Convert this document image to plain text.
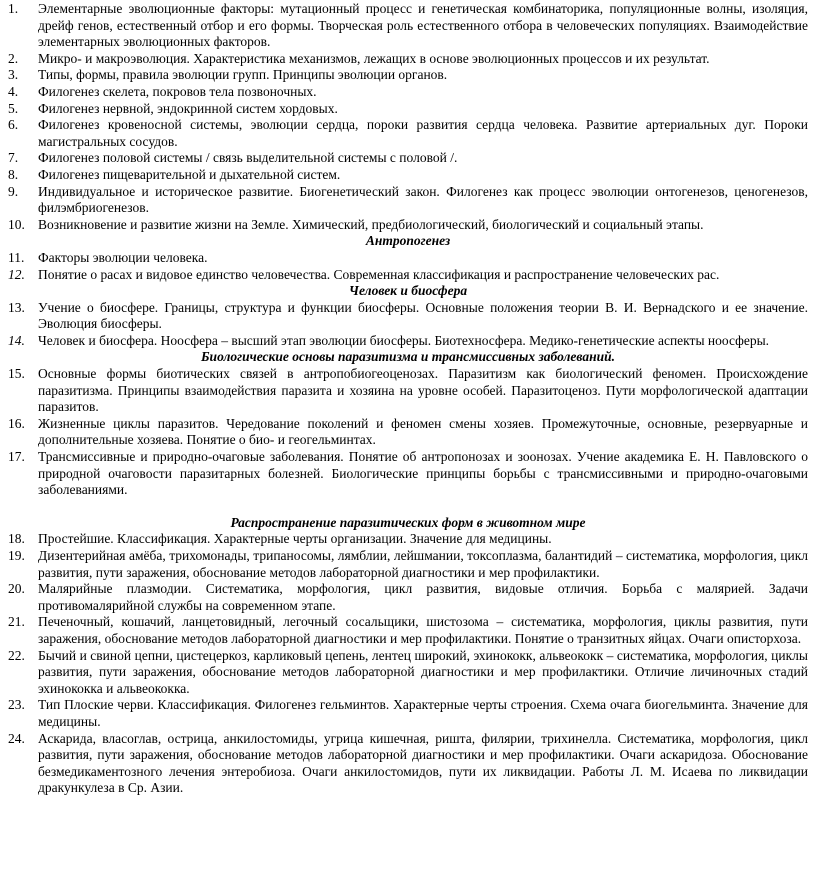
1.	Элементарные эволюционные факторы: мутационный процесс и генетическая комбинаторика, популяционные волны, изоляция, дрейф генов, естественный отбор и его формы. Творческая роль естественного отбора в человеческих популяциях. Взаимодействие элементарных эволюционных факторов.
2.	Микро- и макроэволюция. Характеристика механизмов, лежащих в основе эволюционных процессов и их результат.
3.	Типы, формы, правила эволюции групп. Принципы эволюции органов.
4.	Филогенез скелета, покровов тела позвоночных.
5.	Филогенез нервной, эндокринной систем хордовых.
6.	Филогенез кровеносной системы, эволюции сердца, пороки развития сердца человека. Развитие артериальных дуг. Пороки магистральных сосудов.
7.	Филогенез половой системы / связь выделительной системы с половой /.
8.	Филогенез пищеварительной и дыхательной систем.
9.	Индивидуальное и историческое развитие. Биогенетический закон. Филогенез как процесс эволюции онтогенезов, ценогенезов, филэмбриогенезов.
10. Возникновение и развитие жизни на Земле. Химический, предбиологический, биологический и социальный этапы.
Антропогенез
11.	Факторы эволюции человека.
12. Понятие о расах и видовое единство человечества. Современная классификация и распространение человеческих рас.
Человек и биосфера
13. Учение о биосфере. Границы, структура и функции биосферы. Основные положения теории В. И. Вернадского и ее значение. Эволюция биосферы.
14. Человек и биосфера. Ноосфера – высший этап эволюции биосферы. Биотехносфера. Медико-генетические аспекты ноосферы.
Биологические основы паразитизма и трансмиссивных заболеваний.
15. Основные формы биотических связей в антропобиогеоценозах. Паразитизм как биологический феномен. Происхождение паразитизма. Принципы взаимодействия паразита и хозяина на уровне особей. Паразитоценоз. Пути морфологической адаптации паразитов.
16. Жизненные циклы паразитов. Чередование поколений и феномен смены хозяев. Промежуточные, основные, резервуарные и дополнительные хозяева. Понятие о био- и геогельминтах.
17. Трансмиссивные и природно-очаговые заболевания. Понятие об антропонозах и зоонозах. Учение академика Е. Н. Павловского о природной очаговости паразитарных болезней. Биологические принципы борьбы с трансмиссивными и природно-очаговыми заболеваниями.
Распространение паразитических форм в животном мире
18. Простейшие. Классификация. Характерные черты организации. Значение для медицины.
19. Дизентерийная амёба, трихомонады, трипаносомы, лямблии, лейшмании, токсоплазма, балантидий – систематика, морфология, цикл развития, пути заражения, обоснование методов лабораторной диагностики и мер профилактики.
20. Малярийные плазмодии. Систематика, морфология, цикл развития, видовые отличия. Борьба с малярией. Задачи противомалярийной службы на современном этапе.
21. Печеночный, кошачий, ланцетовидный, легочный сосальщики, шистозома – систематика, морфология, циклы развития, пути заражения, обоснование методов лабораторной диагностики и мер профилактики. Понятие о транзитных яйцах. Очаги описторхоза.
22. Бычий и свиной цепни, цистецеркоз, карликовый цепень, лентец широкий, эхинококк, альвеококк – систематика, морфология, циклы развития, пути заражения, обоснование методов лабораторной диагностики и мер профилактики. Отличие личиночных стадий эхинококка и альвеококка.
23. Тип Плоские черви. Классификация. Филогенез гельминтов. Характерные черты строения. Схема очага биогельминта. Значение для медицины.
24. Аскарида, власоглав, острица, анкилостомиды, угрица кишечная, ришта, филярии, трихинелла. Систематика, морфология, цикл развития, пути заражения, обоснование методов лабораторной диагностики и мер профилактики. Очаги аскаридоза. Обоснование безмедикаментозного лечения энтеробиоза. Очаги анкилостомидов, пути их ликвидации. Работы Л. М. Исаева по ликвидации дракункулеза в Ср. Азии.
